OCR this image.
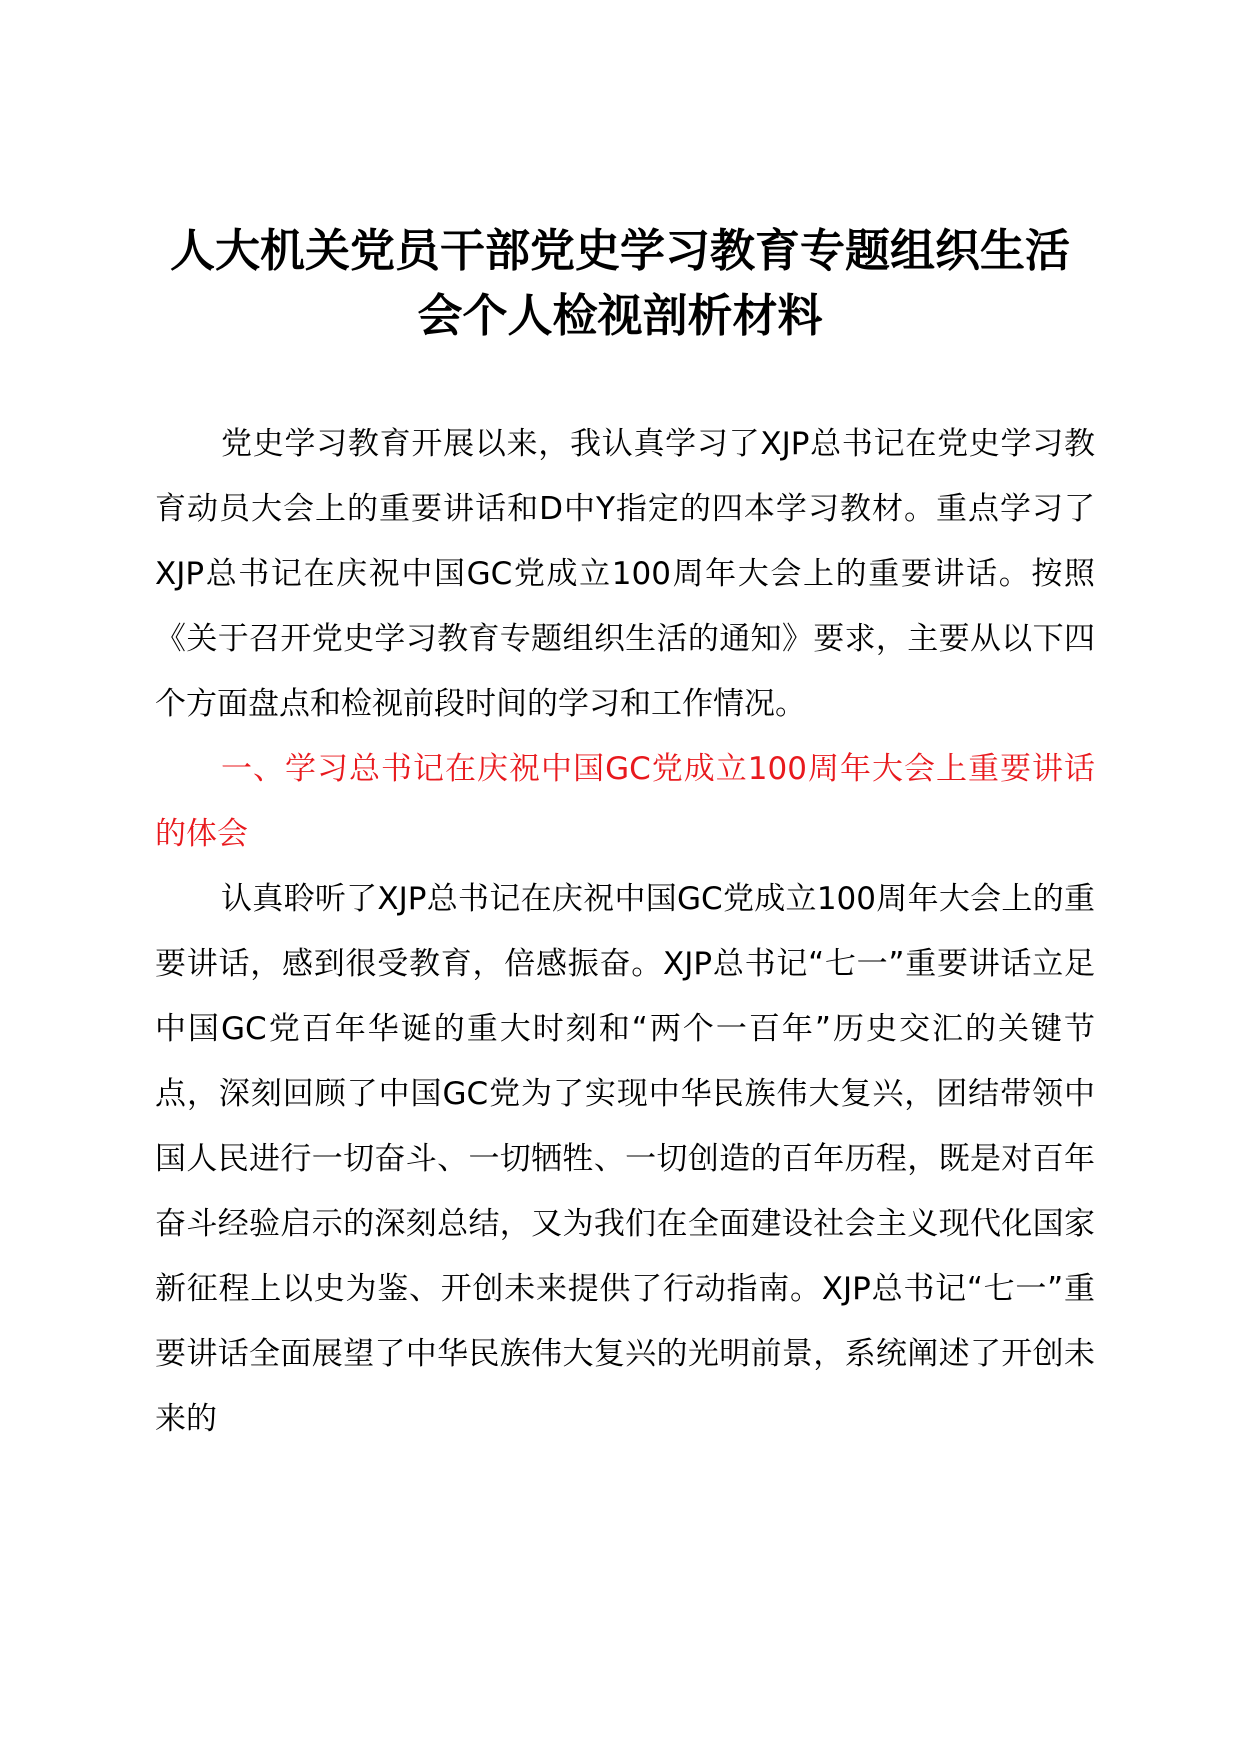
人大机关党员干部党史学习教育专题组织生活会个人检视剖析材料

党史学习教育开展以来，我认真学习了XJP总书记在党史学习教育动员大会上的重要讲话和D中Y指定的四本学习教材。重点学习了XJP总书记在庆祝中国GC党成立100周年大会上的重要讲话。按照《关于召开党史学习教育专题组织生活的通知》要求，主要从以下四个方面盘点和检视前段时间的学习和工作情况。

一、学习总书记在庆祝中国GC党成立100周年大会上重要讲话的体会

认真聆听了XJP总书记在庆祝中国GC党成立100周年大会上的重要讲话，感到很受教育，倍感振奋。XJP总书记“七一”重要讲话立足中国GC党百年华诞的重大时刻和“两个一百年”历史交汇的关键节点，深刻回顾了中国GC党为了实现中华民族伟大复兴，团结带领中国人民进行一切奋斗、一切牺牲、一切创造的百年历程，既是对百年奋斗经验启示的深刻总结，又为我们在全面建设社会主义现代化国家新征程上以史为鉴、开创未来提供了行动指南。XJP总书记“七一”重要讲话全面展望了中华民族伟大复兴的光明前景，系统阐述了开创未来的
